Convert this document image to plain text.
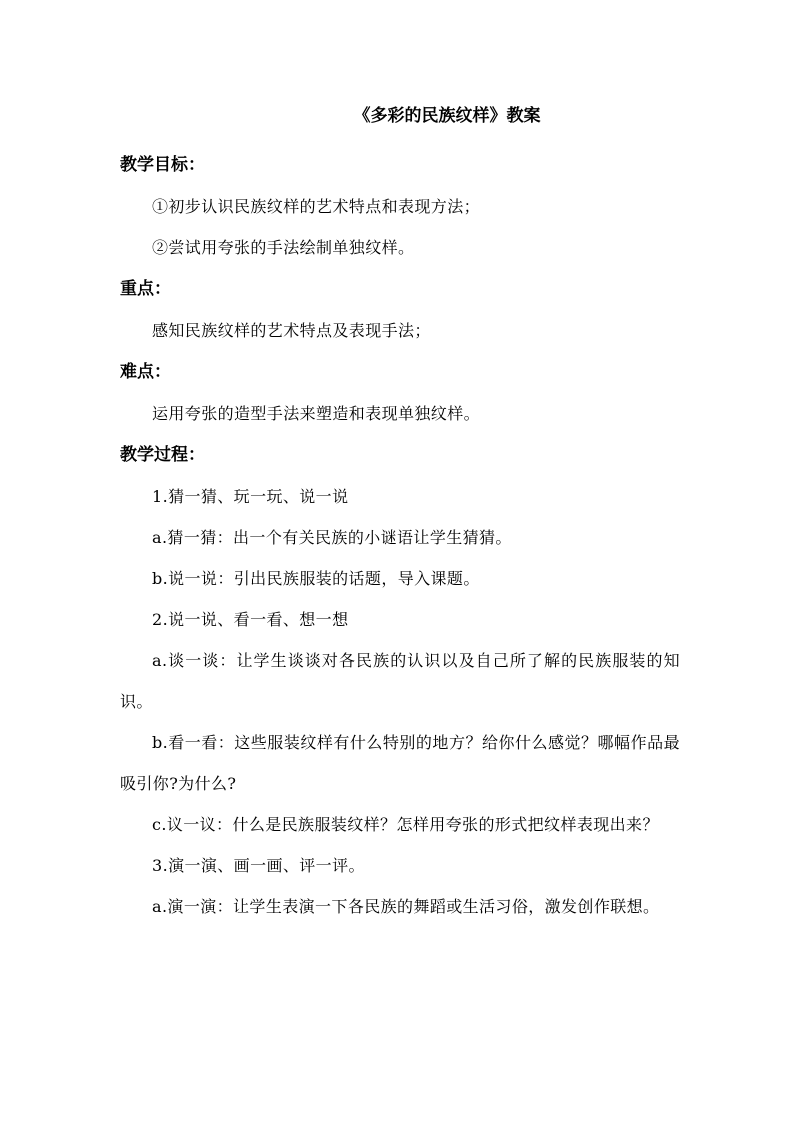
《多彩的民族纹样》教案

教学目标：

①初步认识民族纹样的艺术特点和表现方法；

②尝试用夸张的手法绘制单独纹样。

重点：

感知民族纹样的艺术特点及表现手法；

难点：

运用夸张的造型手法来塑造和表现单独纹样。

教学过程：

1.猜一猜、玩一玩、说一说

a.猜一猜：出一个有关民族的小谜语让学生猜猜。

b.说一说：引出民族服装的话题，导入课题。

2.说一说、看一看、想一想

a.谈一谈：让学生谈谈对各民族的认识以及自己所了解的民族服装的知识。

b.看一看：这些服装纹样有什么特别的地方？给你什么感觉？哪幅作品最吸引你?为什么?

c.议一议：什么是民族服装纹样？怎样用夸张的形式把纹样表现出来？

3.演一演、画一画、评一评。

a.演一演：让学生表演一下各民族的舞蹈或生活习俗，激发创作联想。
